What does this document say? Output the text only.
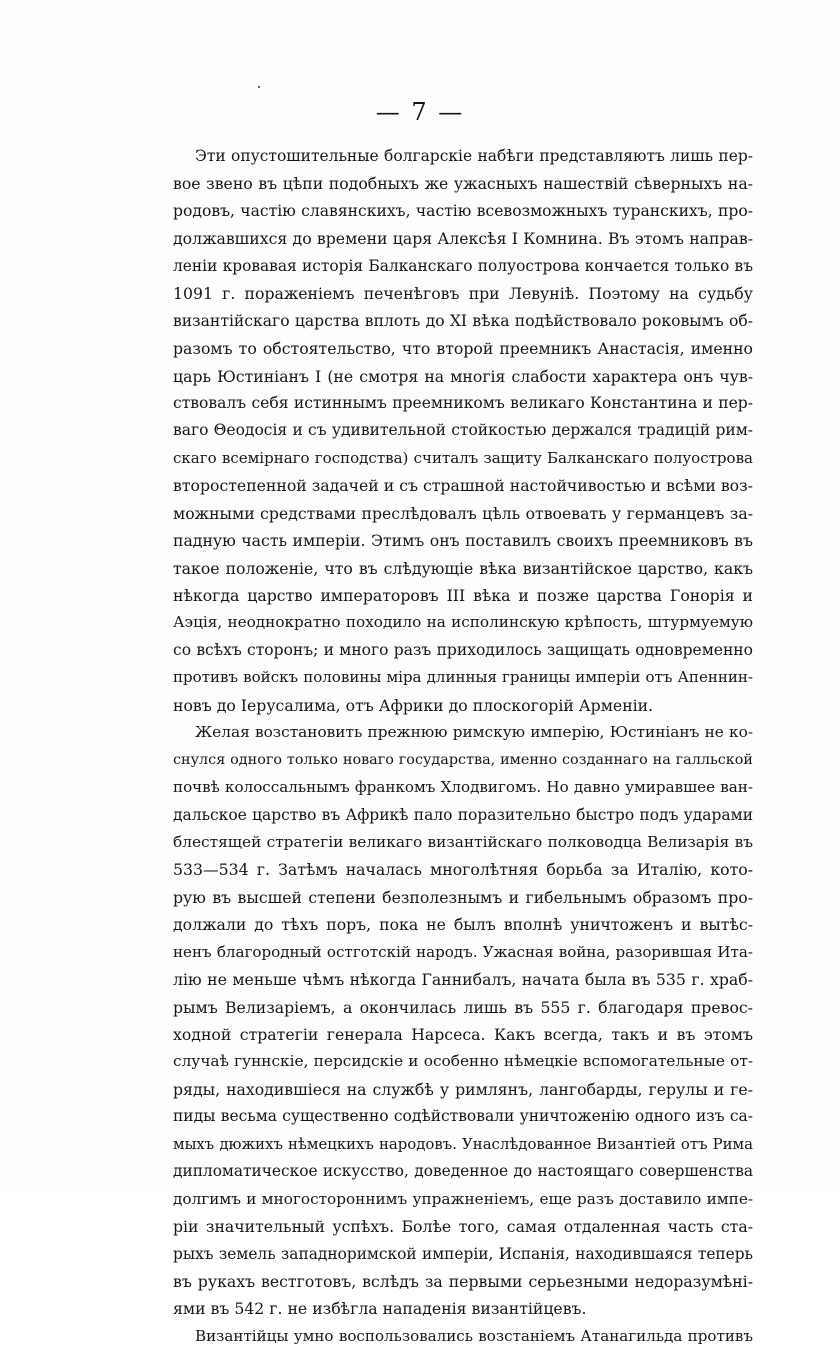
— 7 —
Эти опустошительные болгарскіе набѣги представляютъ лишь пер-
вое звено въ цѣпи подобныхъ же ужасныхъ нашествій сѣверныхъ на-
родовъ, частію славянскихъ, частію всевозможныхъ туранскихъ, про-
должавшихся до времени царя Алексѣя I Комнина. Въ этомъ направ-
леніи кровавая исторія Балканскаго полуострова кончается только въ
1091 г. пораженіемъ печенѣговъ при Левунiѣ. Поэтому на судьбу
византійскаго царства вплоть до XI вѣка подѣйствовало роковымъ об-
разомъ то обстоятельство, что второй преемникъ Анастасія, именно
царь Юстиніанъ I (не смотря на многія слабости характера онъ чув-
ствовалъ себя истиннымъ преемникомъ великаго Константина и пер-
ваго Θеодосія и съ удивительной стойкостью держался традицій рим-
скаго всемірнаго господства) считалъ защиту Балканскаго полуострова
второстепенной задачей и съ страшной настойчивостью и всѣми воз-
можными средствами преслѣдовалъ цѣль отвоевать у германцевъ за-
падную часть имперіи. Этимъ онъ поставилъ своихъ преемниковъ въ
такое положеніе, что въ слѣдующіе вѣка византійское царство, какъ
нѣкогда царство императоровъ III вѣка и позже царства Гонорія и
Аэція, неоднократно походило на исполинскую крѣпость, штурмуемую
со всѣхъ сторонъ; и много разъ приходилось защищать одновременно
противъ войскъ половины міра длинныя границы имперіи отъ Апеннин-
новъ до Іерусалима, отъ Африки до плоскогорій Арменіи.
Желая возстановить прежнюю римскую имперію, Юстиніанъ не ко-
снулся одного только новаго государства, именно созданнаго на галльской
почвѣ колоссальнымъ франкомъ Хлодвигомъ. Но давно умиравшее ван-
дальское царство въ Африкѣ пало поразительно быстро подъ ударами
блестящей стратегіи великаго византійскаго полководца Велизарія въ
533—534 г. Затѣмъ началась многолѣтняя борьба за Италію, кото-
рую въ высшей степени безполезнымъ и гибельнымъ образомъ про-
должали до тѣхъ поръ, пока не былъ вполнѣ уничтоженъ и вытѣс-
ненъ благородный остготскій народъ. Ужасная война, разорившая Ита-
лію не меньше чѣмъ нѣкогда Ганнибалъ, начата была въ 535 г. храб-
рымъ Велизаріемъ, а окончилась лишь въ 555 г. благодаря превос-
ходной стратегіи генерала Нарсеса. Какъ всегда, такъ и въ этомъ
случаѣ гуннскіе, персидскіе и особенно нѣмецкіе вспомогательные от-
ряды, находившіеся на службѣ у римлянъ, лангобарды, герулы и ге-
пиды весьма существенно содѣйствовали уничтоженію одного изъ са-
мыхъ дюжихъ нѣмецкихъ народовъ. Унаслѣдованное Византіей отъ Рима
дипломатическое искусство, доведенное до настоящаго совершенства
долгимъ и многостороннимъ упражненіемъ, еще разъ доставило импе-
ріи значительный успѣхъ. Болѣе того, самая отдаленная часть ста-
рыхъ земель западноримской имперіи, Испанія, находившаяся теперь
въ рукахъ вестготовъ, вслѣдъ за первыми серьезными недоразумѣні-
ями въ 542 г. не избѣгла нападенія византійцевъ.
Византійцы умно воспользовались возстаніемъ Атанагильда противъ
